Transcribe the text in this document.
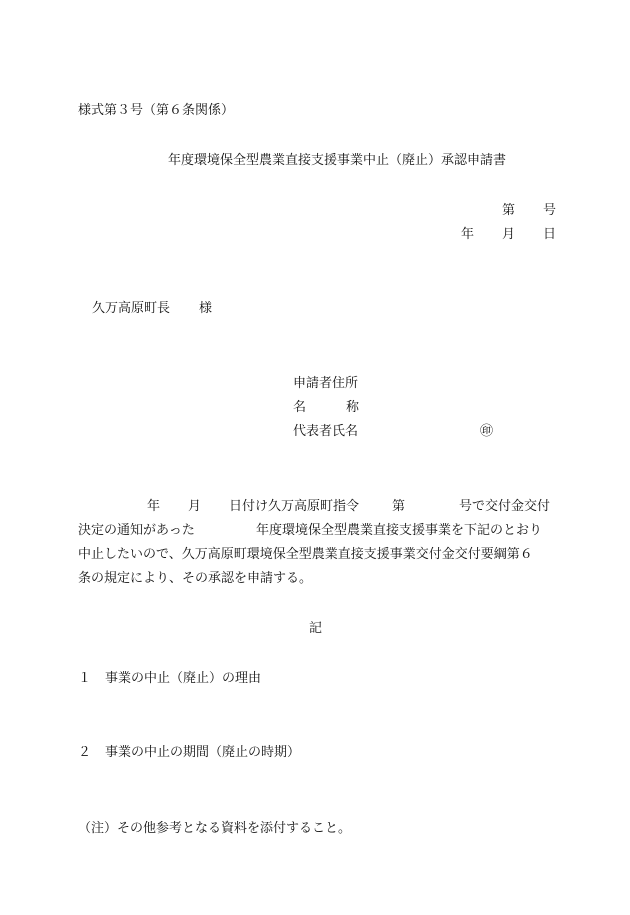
様式第３号（第６条関係）
年度環境保全型農業直接支援事業中止（廃止）承認申請書
第 号
年 月 日
久万高原町長 様
申請者住所
名	称
代表者氏名	㊞
年 月 日付け久万高原町指令	第	号で交付金交付
決定の通知があった	年度環境保全型農業直接支援事業を下記のとおり
中止したいので、久万高原町環境保全型農業直接支援事業交付金交付要綱第６
条の規定により、その承認を申請する。
記
１ 事業の中止（廃止）の理由
２ 事業の中止の期間（廃止の時期）
（注）その他参考となる資料を添付すること。
